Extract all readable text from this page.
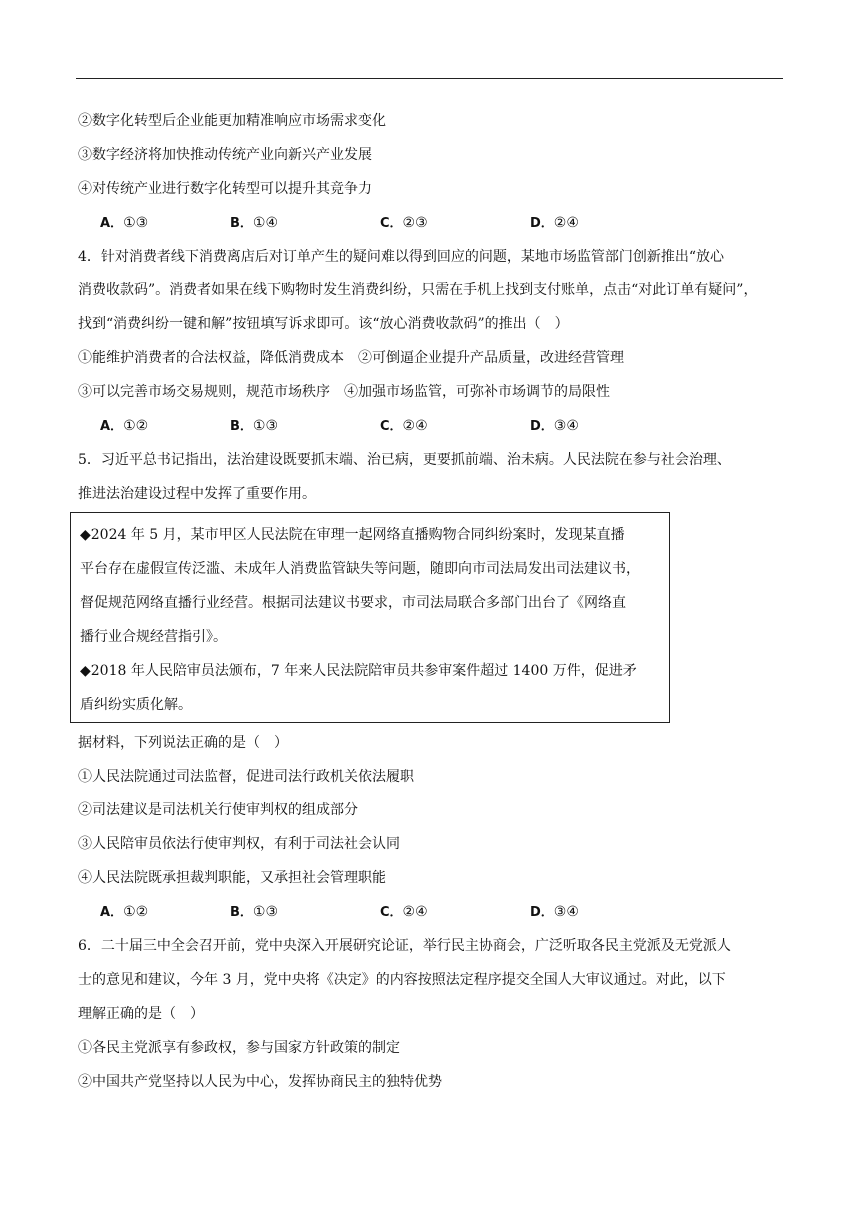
②数字化转型后企业能更加精准响应市场需求变化
③数字经济将加快推动传统产业向新兴产业发展
④对传统产业进行数字化转型可以提升其竞争力
A．①③	B．①④	C．②③	D．②④
4．针对消费者线下消费离店后对订单产生的疑问难以得到回应的问题，某地市场监管部门创新推出“放心
消费收款码”。消费者如果在线下购物时发生消费纠纷，只需在手机上找到支付账单，点击“对此订单有疑问”，
找到“消费纠纷一键和解”按钮填写诉求即可。该“放心消费收款码”的推出（　）
①能维护消费者的合法权益，降低消费成本　②可倒逼企业提升产品质量，改进经营管理
③可以完善市场交易规则，规范市场秩序　④加强市场监管，可弥补市场调节的局限性
A．①②	B．①③	C．②④	D．③④
5．习近平总书记指出，法治建设既要抓末端、治已病，更要抓前端、治未病。人民法院在参与社会治理、
推进法治建设过程中发挥了重要作用。
◆2024 年 5 月，某市甲区人民法院在审理一起网络直播购物合同纠纷案时，发现某直播
平台存在虚假宣传泛滥、未成年人消费监管缺失等问题，随即向市司法局发出司法建议书，
督促规范网络直播行业经营。根据司法建议书要求，市司法局联合多部门出台了《网络直
播行业合规经营指引》。
◆2018 年人民陪审员法颁布，7 年来人民法院陪审员共参审案件超过 1400 万件，促进矛
盾纠纷实质化解。
据材料，下列说法正确的是（　）
①人民法院通过司法监督，促进司法行政机关依法履职
②司法建议是司法机关行使审判权的组成部分
③人民陪审员依法行使审判权，有利于司法社会认同
④人民法院既承担裁判职能，又承担社会管理职能
A．①②	B．①③	C．②④	D．③④
6．二十届三中全会召开前，党中央深入开展研究论证，举行民主协商会，广泛听取各民主党派及无党派人
士的意见和建议，今年 3 月，党中央将《决定》的内容按照法定程序提交全国人大审议通过。对此，以下
理解正确的是（　）
①各民主党派享有参政权，参与国家方针政策的制定
②中国共产党坚持以人民为中心，发挥协商民主的独特优势
